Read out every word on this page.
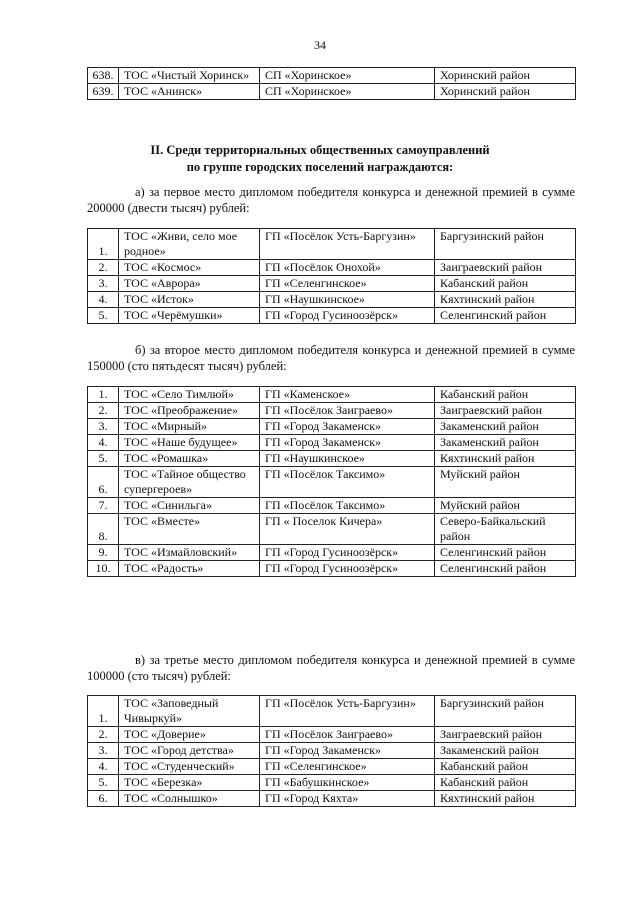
34
638.	ТОС «Чистый Хоринск»	СП «Хоринское»	Хоринский район
639.	ТОС «Анинск»	СП «Хоринское»	Хоринский район
II. Среди территориальных общественных самоуправлений
по группе городских поселений награждаются:
а) за первое место дипломом победителя конкурса и денежной премией в сумме 200000 (двести тысяч) рублей:
1.	ТОС «Живи, село мое родное»	ГП «Посёлок Усть-Баргузин»	Баргузинский район
2.	ТОС «Космос»	ГП «Посёлок Онохой»	Заиграевский район
3.	ТОС «Аврора»	ГП «Селенгинское»	Кабанский район
4.	ТОС «Исток»	ГП «Наушкинское»	Кяхтинский район
5.	ТОС «Черёмушки»	ГП «Город Гусиноозёрск»	Селенгинский район
б) за второе место дипломом победителя конкурса и денежной премией в сумме 150000 (сто пятьдесят тысяч) рублей:
1.	ТОС «Село Тимлюй»	ГП «Каменское»	Кабанский район
2.	ТОС «Преображение»	ГП «Посёлок Заиграево»	Заиграевский район
3.	ТОС «Мирный»	ГП «Город Закаменск»	Закаменский район
4.	ТОС «Наше будущее»	ГП «Город Закаменск»	Закаменский район
5.	ТОС «Ромашка»	ГП «Наушкинское»	Кяхтинский район
6.	ТОС «Тайное общество супергероев»	ГП «Посёлок Таксимо»	Муйский район
7.	ТОС «Синильга»	ГП «Посёлок Таксимо»	Муйский район
8.	ТОС «Вместе»	ГП « Поселок Кичера»	Северо-Байкальский район
9.	ТОС «Измайловский»	ГП «Город Гусиноозёрск»	Селенгинский район
10.	ТОС «Радость»	ГП «Город Гусиноозёрск»	Селенгинский район
в) за третье место дипломом победителя конкурса и денежной премией в сумме 100000 (сто тысяч) рублей:
1.	ТОС «Заповедный Чивыркуй»	ГП «Посёлок Усть-Баргузин»	Баргузинский район
2.	ТОС «Доверие»	ГП «Посёлок Заиграево»	Заиграевский район
3.	ТОС «Город детства»	ГП «Город Закаменск»	Закаменский район
4.	ТОС «Студенческий»	ГП «Селенгинское»	Кабанский район
5.	ТОС «Березка»	ГП «Бабушкинское»	Кабанский район
6.	ТОС «Солнышко»	ГП «Город Кяхта»	Кяхтинский район
